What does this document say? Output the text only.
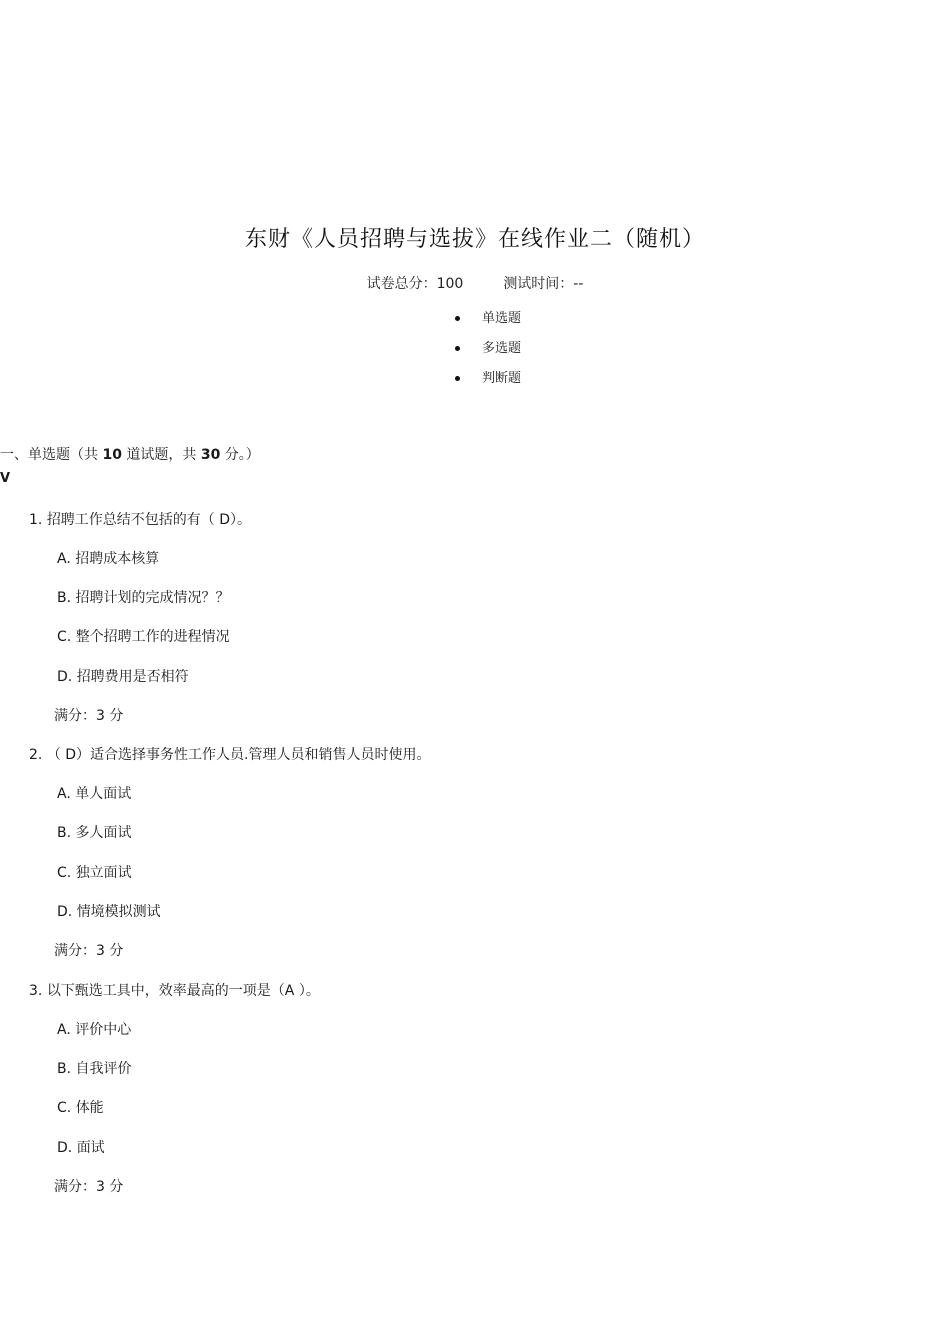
东财《人员招聘与选拔》在线作业二（随机）
试卷总分：100	测试时间：--
单选题
多选题
判断题
一、单选题（共 10 道试题，共 30 分。）
V
1. 招聘工作总结不包括的有（ D）。
A. 招聘成本核算
B. 招聘计划的完成情况？？
C. 整个招聘工作的进程情况
D. 招聘费用是否相符
满分：3 分
2. （ D）适合选择事务性工作人员.管理人员和销售人员时使用。
A. 单人面试
B. 多人面试
C. 独立面试
D. 情境模拟测试
满分：3 分
3. 以下甄选工具中，效率最高的一项是（A ）。
A. 评价中心
B. 自我评价
C. 体能
D. 面试
满分：3 分
